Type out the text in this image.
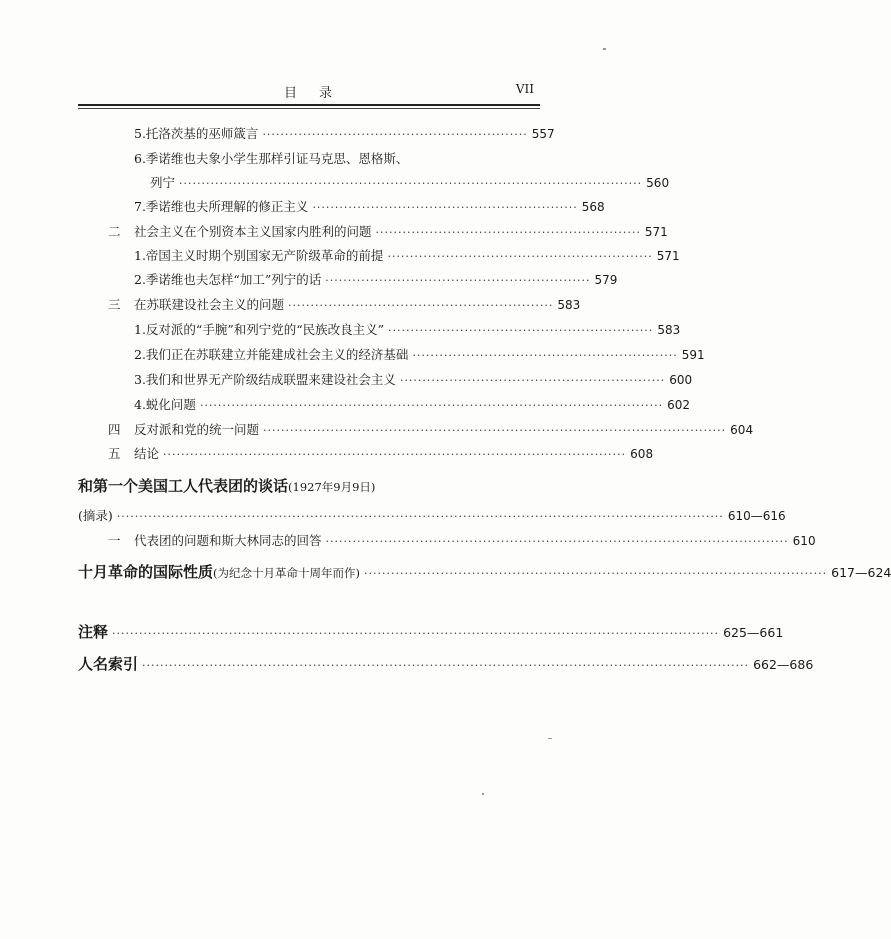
目录	VII
5.托洛茨基的巫师箴言 ··························································· 557
6.季诺维也夫象小学生那样引证马克思、恩格斯、
列宁 ······································································································· 560
7.季诺维也夫所理解的修正主义 ··························································· 568
二	社会主义在个别资本主义国家内胜利的问题 ··························································· 571
1.帝国主义时期个别国家无产阶级革命的前提 ··························································· 571
2.季诺维也夫怎样“加工”列宁的话 ··························································· 579
三	在苏联建设社会主义的问题 ··························································· 583
1.反对派的“手腕”和列宁党的“民族改良主义” ··························································· 583
2.我们正在苏联建立并能建成社会主义的经济基础 ··························································· 591
3.我们和世界无产阶级结成联盟来建设社会主义 ··························································· 600
4.蜕化问题 ······································································································· 602
四	反对派和党的统一问题 ······································································································· 604
五	结论 ······································································································· 608
和第一个美国工人代表团的谈话 (1927年9月9日)
(摘录) ······································································································································· 610—616
一	代表团的问题和斯大林同志的回答 ······································································································· 610
十月革命的国际性质 (为纪念十月革命十周年而作) ······································································································· 617—624
注释 ······································································································································· 625—661
人名索引 ······································································································································· 662—686
